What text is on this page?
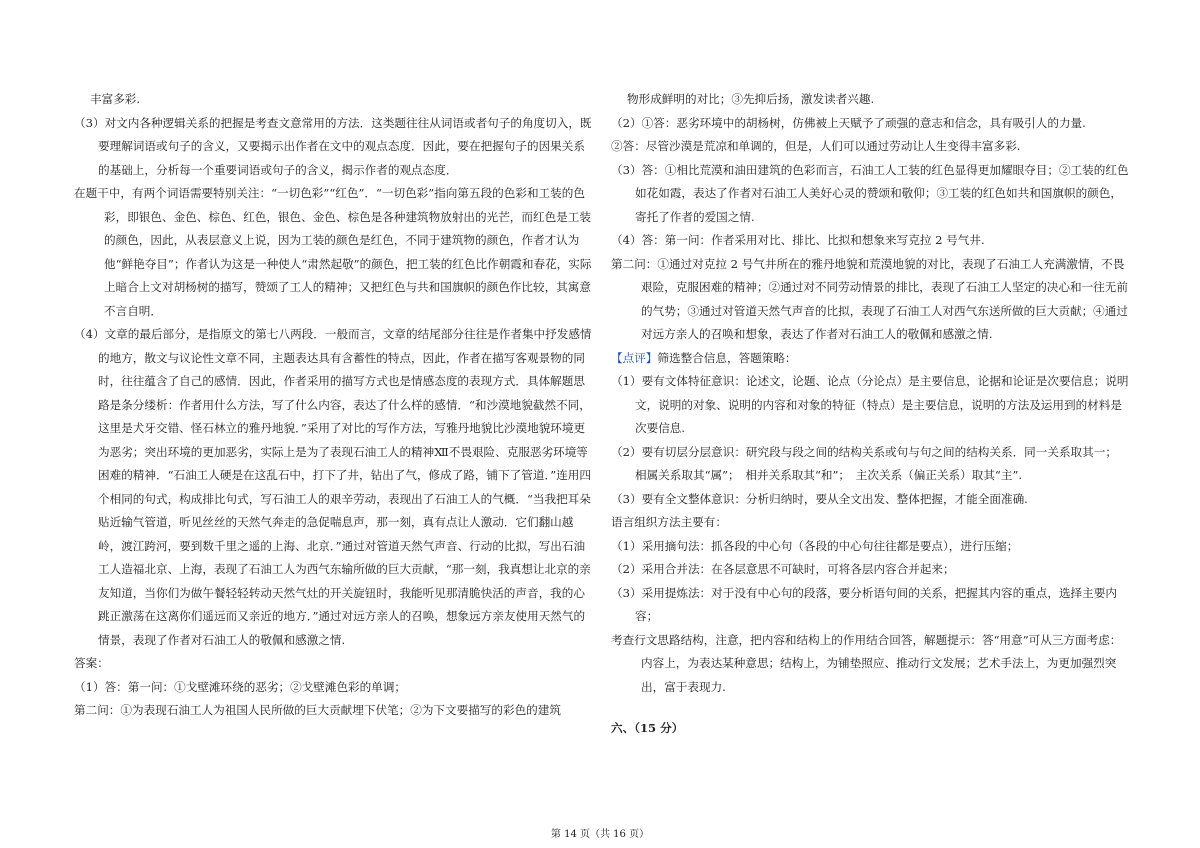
丰富多彩.

（3）对文内各种逻辑关系的把握是考查文意常用的方法．这类题往往从词语或者句子的角度切入，既要理解词语或句子的含义，又要揭示出作者在文中的观点态度．因此，要在把握句子的因果关系的基础上，分析每一个重要词语或句子的含义，揭示作者的观点态度．

在题干中，有两个词语需要特别关注：“一切色彩”“红色”．“一切色彩”指向第五段的色彩和工装的色彩，即银色、金色、棕色、红色，银色、金色、棕色是各种建筑物放射出的光芒，而红色是工装的颜色，因此，从表层意义上说，因为工装的颜色是红色，不同于建筑物的颜色，作者才认为他“鲜艳夺目”；作者认为这是一种使人“肃然起敬”的颜色，把工装的红色比作朝霞和春花，实际上暗合上文对胡杨树的描写，赞颂了工人的精神；又把红色与共和国旗帜的颜色作比较，其寓意不言自明．

（4）文章的最后部分，是指原文的第七八两段．一般而言，文章的结尾部分往往是作者集中抒发感情的地方，散文与议论性文章不同，主题表达具有含蓄性的特点，因此，作者在描写客观景物的同时，往往蕴含了自己的感情．因此，作者采用的描写方式也是情感态度的表现方式．具体解题思路是条分缕析：作者用什么方法，写了什么内容，表达了什么样的感情．“和沙漠地貌截然不同，这里是犬牙交错、怪石林立的雅丹地貌．”采用了对比的写作方法，写雅丹地貌比沙漠地貌环境更为恶劣；突出环境的更加恶劣，实际上是为了表现石油工人的精神Ⅻ不畏艰险、克服恶劣环境等困难的精神．“石油工人硬是在这乱石中，打下了井，钻出了气，修成了路，铺下了管道．”连用四个相同的句式，构成排比句式，写石油工人的艰辛劳动，表现出了石油工人的气概．“当我把耳朵贴近输气管道，听见丝丝的天然气奔走的急促喘息声，那一刻，真有点让人激动．它们翻山越岭，渡江跨河，要到数千里之遥的上海、北京．”通过对管道天然气声音、行动的比拟，写出石油工人造福北京、上海，表现了石油工人为西气东输所做的巨大贡献，“那一刻，我真想让北京的亲友知道，当你们为做午餐轻轻转动天然气灶的开关旋钮时，我能听见那清脆快活的声音，我的心跳正激荡在这离你们遥远而又亲近的地方．”通过对远方亲人的召唤，想象远方亲友使用天然气的情景，表现了作者对石油工人的敬佩和感激之情.

答案：

（1）答：第一问：①戈壁滩环绕的恶劣；②戈壁滩色彩的单调；

第二问：①为表现石油工人为祖国人民所做的巨大贡献埋下伏笔；②为下文要描写的彩色的建筑

物形成鲜明的对比；③先抑后扬，激发读者兴趣.

（2）①答：恶劣环境中的胡杨树，仿佛被上天赋予了顽强的意志和信念，具有吸引人的力量.

②答：尽管沙漠是荒凉和单调的，但是，人们可以通过劳动让人生变得丰富多彩.

（3）答：①相比荒漠和油田建筑的色彩而言，石油工人工装的红色显得更加耀眼夺目；②工装的红色如花如霞，表达了作者对石油工人美好心灵的赞颂和敬仰；③工装的红色如共和国旗帜的颜色，寄托了作者的爱国之情.

（4）答：第一问：作者采用对比、排比、比拟和想象来写克拉 2 号气井.

第二问：①通过对克拉 2 号气井所在的雅丹地貌和荒漠地貌的对比，表现了石油工人充满激情，不畏艰险，克服困难的精神；②通过对不同劳动情景的排比，表现了石油工人坚定的决心和一往无前的气势；③通过对管道天然气声音的比拟，表现了石油工人对西气东送所做的巨大贡献；④通过对远方亲人的召唤和想象，表达了作者对石油工人的敬佩和感激之情.

【点评】筛选整合信息，答题策略：

（1）要有文体特征意识：论述文，论题、论点（分论点）是主要信息，论据和论证是次要信息；说明文，说明的对象、说明的内容和对象的特征（特点）是主要信息，说明的方法及运用到的材料是次要信息.

（2）要有切层分层意识：研究段与段之间的结构关系或句与句之间的结构关系．同一关系取其一；　相属关系取其“属”；　相并关系取其“和”；　主次关系（偏正关系）取其“主”.

（3）要有全文整体意识：分析归纳时，要从全文出发、整体把握，才能全面准确.

语言组织方法主要有：

（1）采用摘句法：抓各段的中心句（各段的中心句往往都是要点），进行压缩；

（2）采用合并法：在各层意思不可缺时，可将各层内容合并起来；

（3）采用提炼法：对于没有中心句的段落，要分析语句间的关系，把握其内容的重点，选择主要内容；

考查行文思路结构，注意，把内容和结构上的作用结合回答，解题提示：答“用意”可从三方面考虑：内容上，为表达某种意思；结构上，为铺垫照应、推动行文发展；艺术手法上，为更加强烈突出，富于表现力.

六、（15 分）

第 14 页（共 16 页）
